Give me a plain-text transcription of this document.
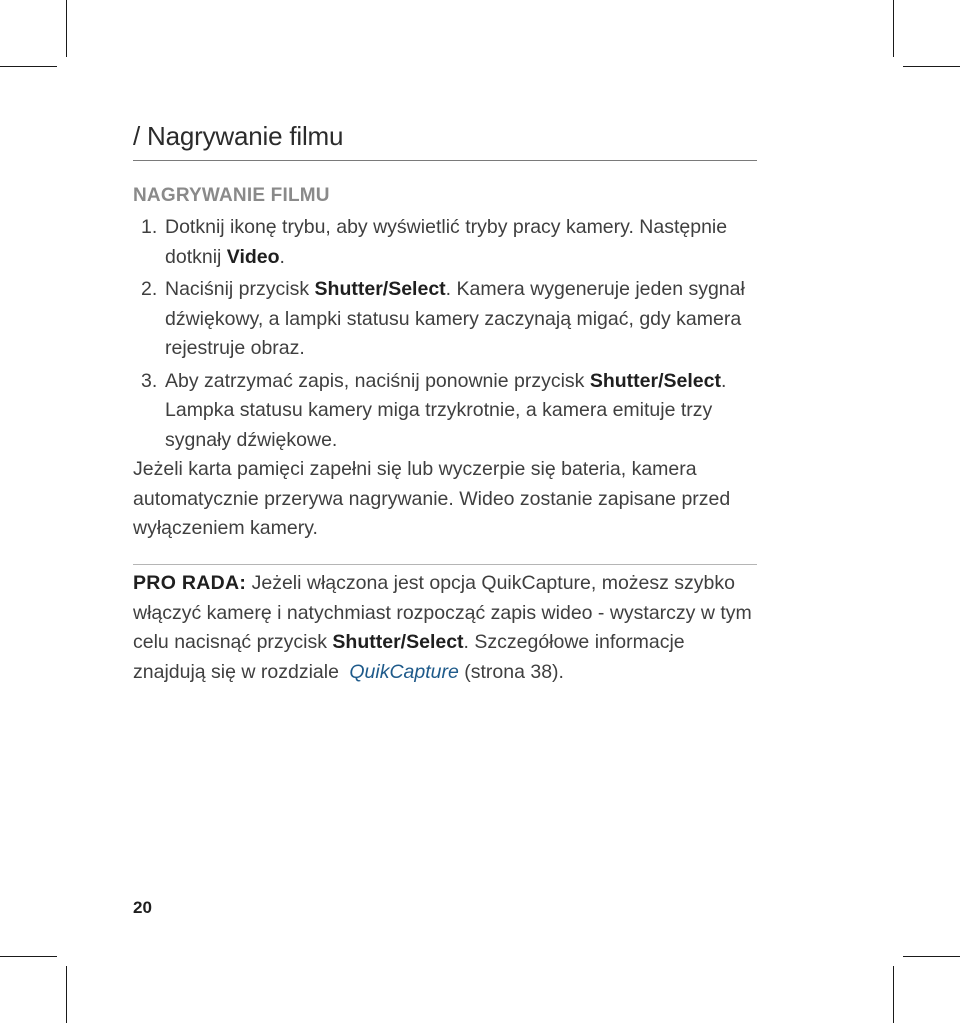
/ Nagrywanie filmu
NAGRYWANIE FILMU
1. Dotknij ikonę trybu, aby wyświetlić tryby pracy kamery. Następnie dotknij Video.
2. Naciśnij przycisk Shutter/Select. Kamera wygeneruje jeden sygnał dźwiękowy, a lampki statusu kamery zaczynają migać, gdy kamera rejestruje obraz.
3. Aby zatrzymać zapis, naciśnij ponownie przycisk Shutter/Select. Lampka statusu kamery miga trzykrotnie, a kamera emituje trzy sygnały dźwiękowe.

Jeżeli karta pamięci zapełni się lub wyczerpie się bateria, kamera automatycznie przerywa nagrywanie. Wideo zostanie zapisane przed wyłączeniem kamery.

PRO RADA: Jeżeli włączona jest opcja QuikCapture, możesz szybko włączyć kamerę i natychmiast rozpocząć zapis wideo - wystarczy w tym celu nacisnąć przycisk Shutter/Select. Szczegółowe informacje znajdują się w rozdziale QuikCapture (strona 38).

20
